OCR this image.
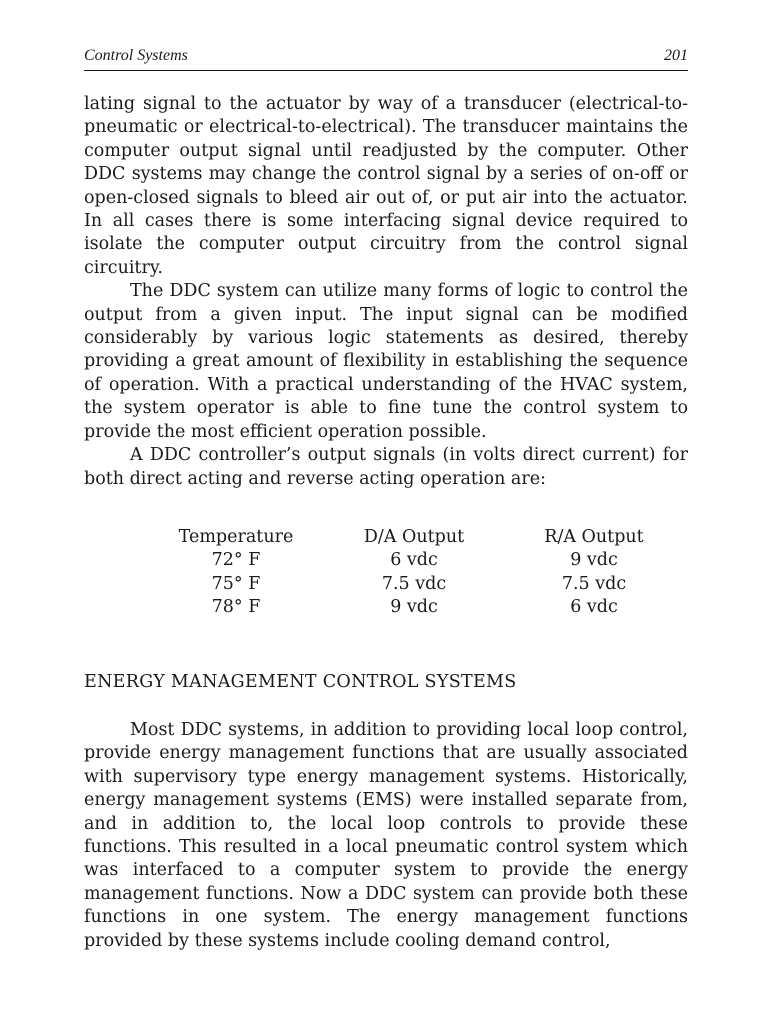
Control Systems	201

lating signal to the actuator by way of a transducer (electrical-to-pneumatic or electrical-to-electrical). The transducer maintains the computer output signal until readjusted by the computer. Other DDC systems may change the control signal by a series of on-off or open-closed signals to bleed air out of, or put air into the actuator. In all cases there is some interfacing signal device required to isolate the computer output circuitry from the control signal circuitry.

The DDC system can utilize many forms of logic to control the output from a given input. The input signal can be modified considerably by various logic statements as desired, thereby providing a great amount of flexibility in establishing the sequence of operation. With a practical understanding of the HVAC system, the system operator is able to fine tune the control system to provide the most efficient operation possible.

A DDC controller’s output signals (in volts direct current) for both direct acting and reverse acting operation are:

	Temperature	D/A Output	R/A Output
	72° F	6 vdc	9 vdc
	75° F	7.5 vdc	7.5 vdc
	78° F	9 vdc	6 vdc
ENERGY MANAGEMENT CONTROL SYSTEMS

Most DDC systems, in addition to providing local loop control, provide energy management functions that are usually associated with supervisory type energy management systems. Historically, energy management systems (EMS) were installed separate from, and in addition to, the local loop controls to provide these functions. This resulted in a local pneumatic control system which was interfaced to a computer system to provide the energy management functions. Now a DDC system can provide both these functions in one system. The energy management functions provided by these systems include cooling demand control,
